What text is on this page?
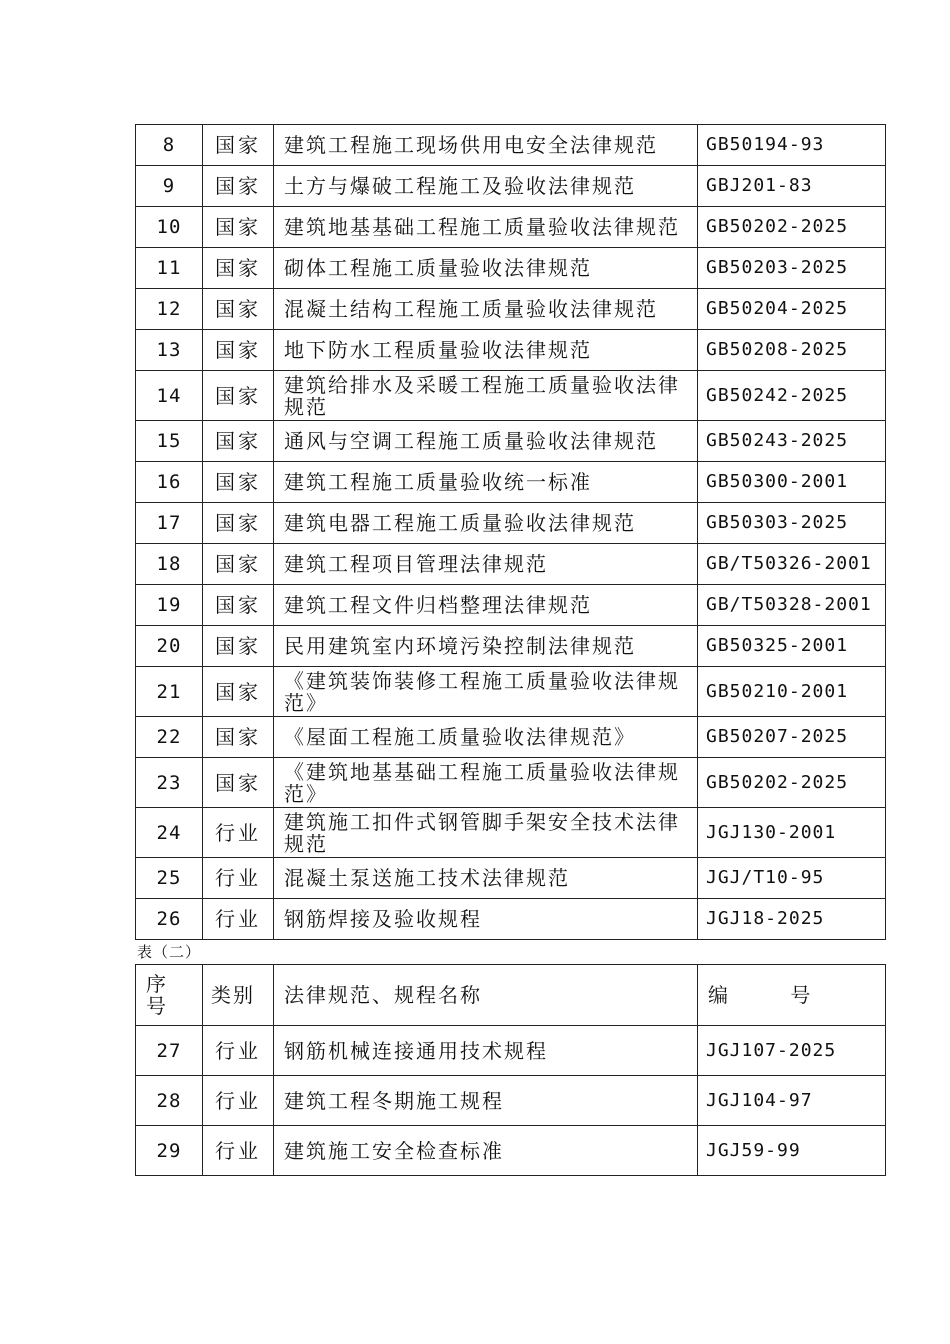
8	国家	建筑工程施工现场供用电安全法律规范	GB50194-93
9	国家	土方与爆破工程施工及验收法律规范	GBJ201-83
10	国家	建筑地基基础工程施工质量验收法律规范	GB50202-2025
11	国家	砌体工程施工质量验收法律规范	GB50203-2025
12	国家	混凝土结构工程施工质量验收法律规范	GB50204-2025
13	国家	地下防水工程质量验收法律规范	GB50208-2025
14	国家	建筑给排水及采暖工程施工质量验收法律规范	GB50242-2025
15	国家	通风与空调工程施工质量验收法律规范	GB50243-2025
16	国家	建筑工程施工质量验收统一标准	GB50300-2001
17	国家	建筑电器工程施工质量验收法律规范	GB50303-2025
18	国家	建筑工程项目管理法律规范	GB/T50326-2001
19	国家	建筑工程文件归档整理法律规范	GB/T50328-2001
20	国家	民用建筑室内环境污染控制法律规范	GB50325-2001
21	国家	《建筑装饰装修工程施工质量验收法律规范》	GB50210-2001
22	国家	《屋面工程施工质量验收法律规范》	GB50207-2025
23	国家	《建筑地基基础工程施工质量验收法律规范》	GB50202-2025
24	行业	建筑施工扣件式钢管脚手架安全技术法律规范	JGJ130-2001
25	行业	混凝土泵送施工技术法律规范	JGJ/T10-95
26	行业	钢筋焊接及验收规程	JGJ18-2025
表（二）
序 号	类别	法律规范、规程名称	编 号
27	行业	钢筋机械连接通用技术规程	JGJ107-2025
28	行业	建筑工程冬期施工规程	JGJ104-97
29	行业	建筑施工安全检查标准	JGJ59-99
